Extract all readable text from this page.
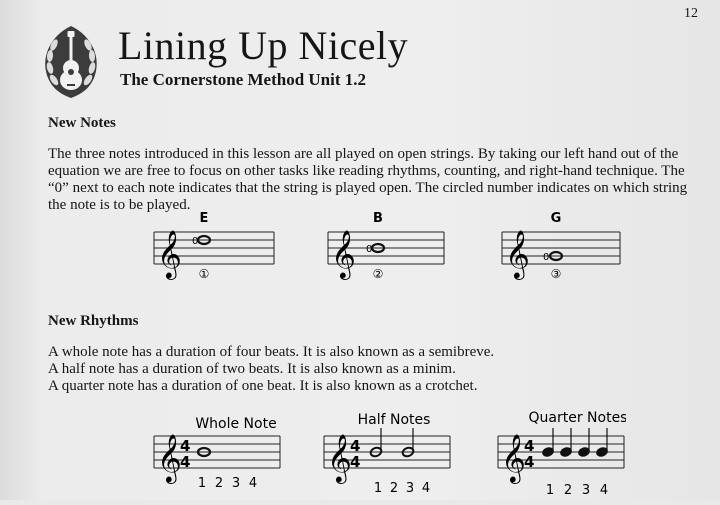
12
Lining Up Nicely
The Cornerstone Method Unit 1.2
New Notes

The three notes introduced in this lesson are all played on open strings. By taking our left hand out of the equation we are free to focus on other tasks like reading rhythms, counting, and right-hand technique. The “0” next to each note indicates that the string is played open. The circled number indicates on which string the note is to be played.

𝄞
E
0
①	𝄞
B
0
②	𝄞
G
0
③
New Rhythms

A whole note has a duration of four beats. It is also known as a semibreve.

A half note has a duration of two beats. It is also known as a minim.

A quarter note has a duration of one beat. It is also known as a crotchet.

Whole Note
𝄞
4
4
1 2 3 4
Half Notes
𝄞
4
4
1 2 3 4
Quarter Notes
𝄞
4
4
1 2 3 4
